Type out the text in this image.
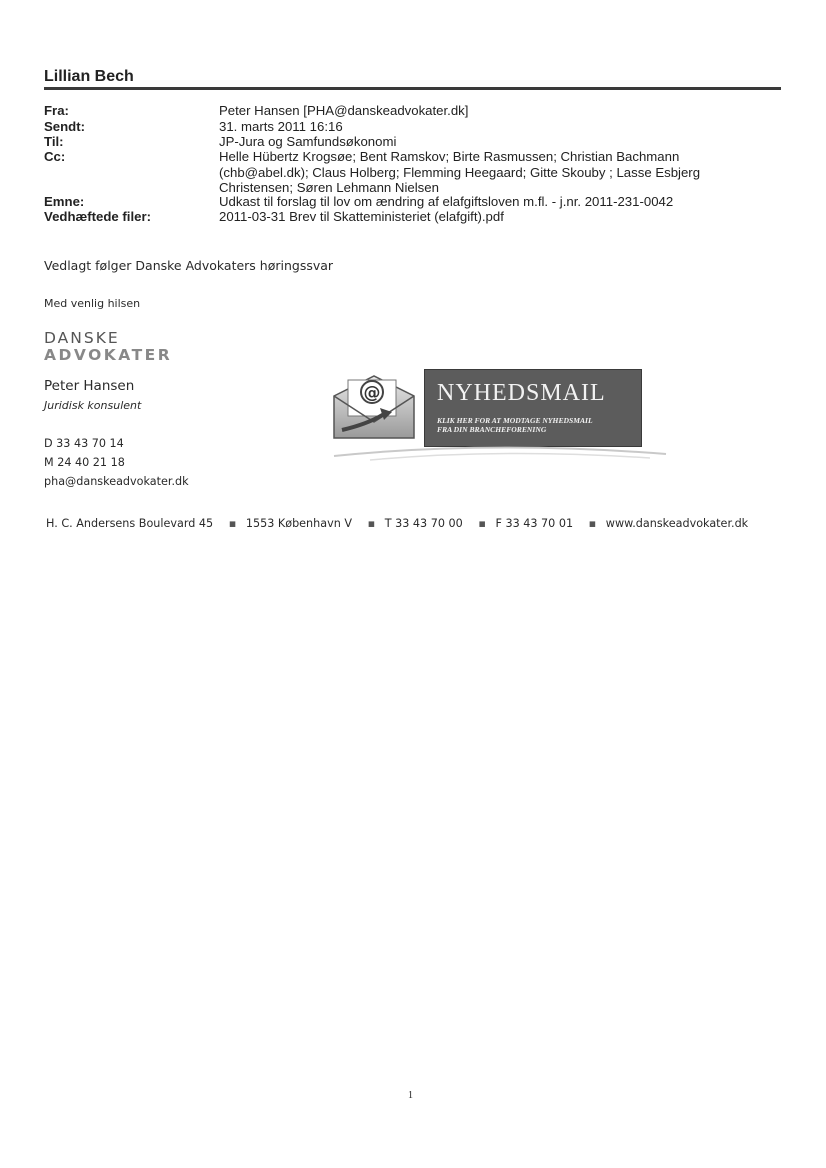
Lillian Bech
Fra:	Peter Hansen [PHA@danskeadvokater.dk]
Sendt:	31. marts 2011 16:16
Til:	JP-Jura og Samfundsøkonomi
Cc:	Helle Hübertz Krogsøe; Bent Ramskov; Birte Rasmussen; Christian Bachmann
(chb@abel.dk); Claus Holberg; Flemming Heegaard; Gitte Skouby ; Lasse Esbjerg
Christensen; Søren Lehmann Nielsen
Emne:	Udkast til forslag til lov om ændring af elafgiftsloven m.fl. - j.nr. 2011-231-0042
Vedhæftede filer:	2011-03-31 Brev til Skatteministeriet (elafgift).pdf
Vedlagt følger Danske Advokaters høringssvar
Med venlig hilsen
DANSKE
ADVOKATER
Peter Hansen
Juridisk konsulent
D 33 43 70 14
M 24 40 21 18
pha@danskeadvokater.dk
@ NYHEDSMAIL
KLIK HER FOR AT MODTAGE NYHEDSMAIL
FRA DIN BRANCHEFORENING
H. C. Andersens Boulevard 45 ▪ 1553 København V ▪ T 33 43 70 00 ▪ F 33 43 70 01 ▪ www.danskeadvokater.dk
1
